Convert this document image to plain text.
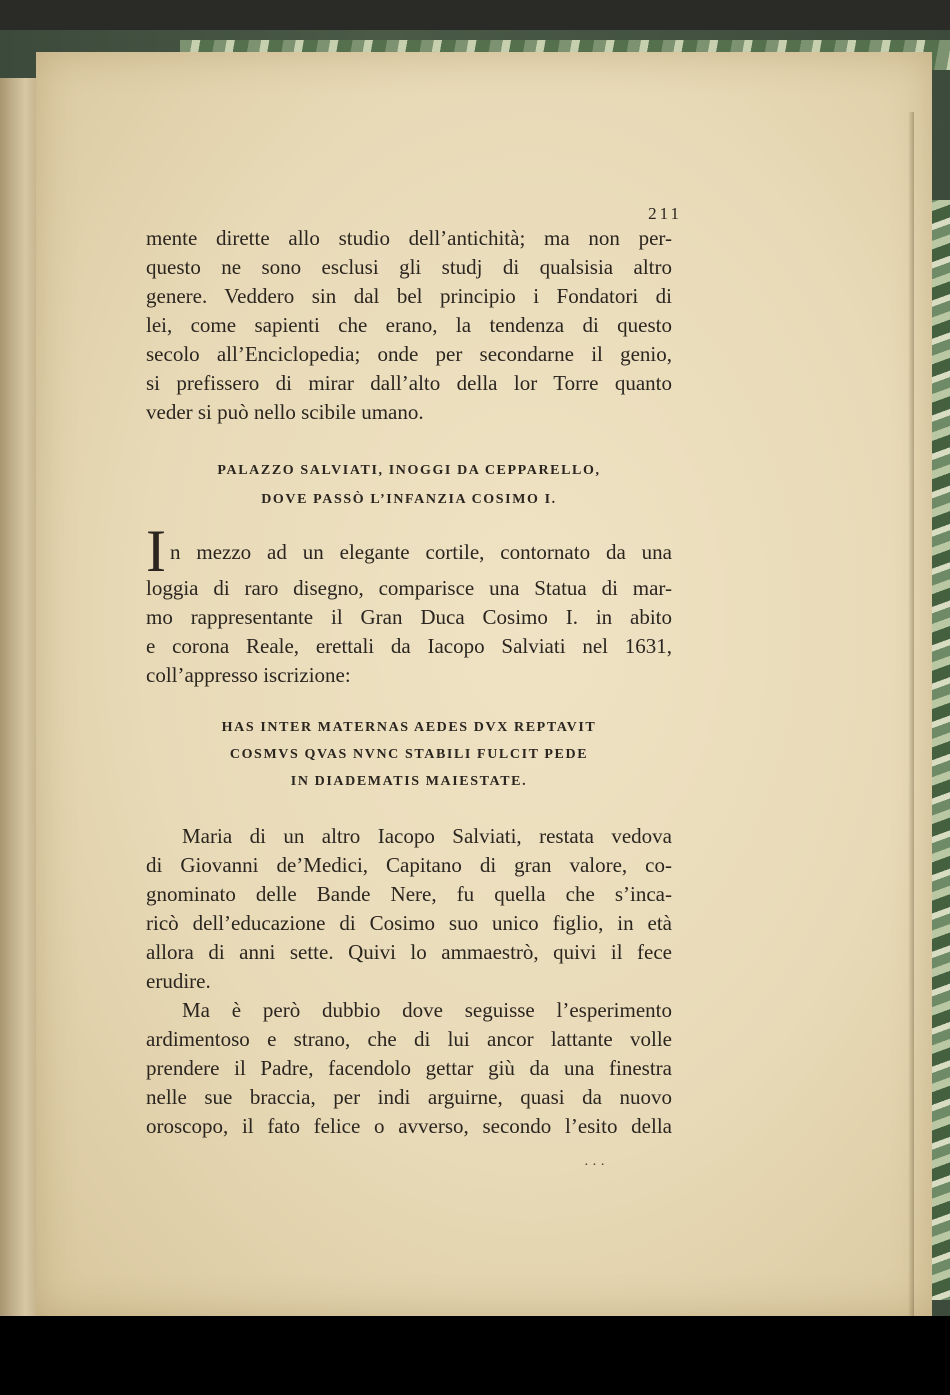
211
mente dirette allo studio dell’antichità; ma non per-
questo ne sono esclusi gli studj di qualsisia altro
genere. Veddero sin dal bel principio i Fondatori di
lei, come sapienti che erano, la tendenza di questo
secolo all’Enciclopedia; onde per secondarne il genio,
si prefissero di mirar dall’alto della lor Torre quanto
veder si può nello scibile umano.
PALAZZO SALVIATI, INOGGI DA CEPPARELLO,
DOVE PASSÒ L’INFANZIA COSIMO I.
I n mezzo ad un elegante cortile, contornato da una
loggia di raro disegno, comparisce una Statua di mar-
mo rappresentante il Gran Duca Cosimo I. in abito
e corona Reale, erettali da Iacopo Salviati nel 1631,
coll’appresso iscrizione:
HAS INTER MATERNAS AEDES DVX REPTAVIT
COSMVS QVAS NVNC STABILI FULCIT PEDE
IN DIADEMATIS MAIESTATE.
Maria di un altro Iacopo Salviati, restata vedova
di Giovanni de’Medici, Capitano di gran valore, co-
gnominato delle Bande Nere, fu quella che s’inca-
ricò dell’educazione di Cosimo suo unico figlio, in età
allora di anni sette. Quivi lo ammaestrò, quivi il fece
erudire.
Ma è però dubbio dove seguisse l’esperimento
ardimentoso e strano, che di lui ancor lattante volle
prendere il Padre, facendolo gettar giù da una finestra
nelle sue braccia, per indi arguirne, quasi da nuovo
oroscopo, il fato felice o avverso, secondo l’esito della
· · ·
